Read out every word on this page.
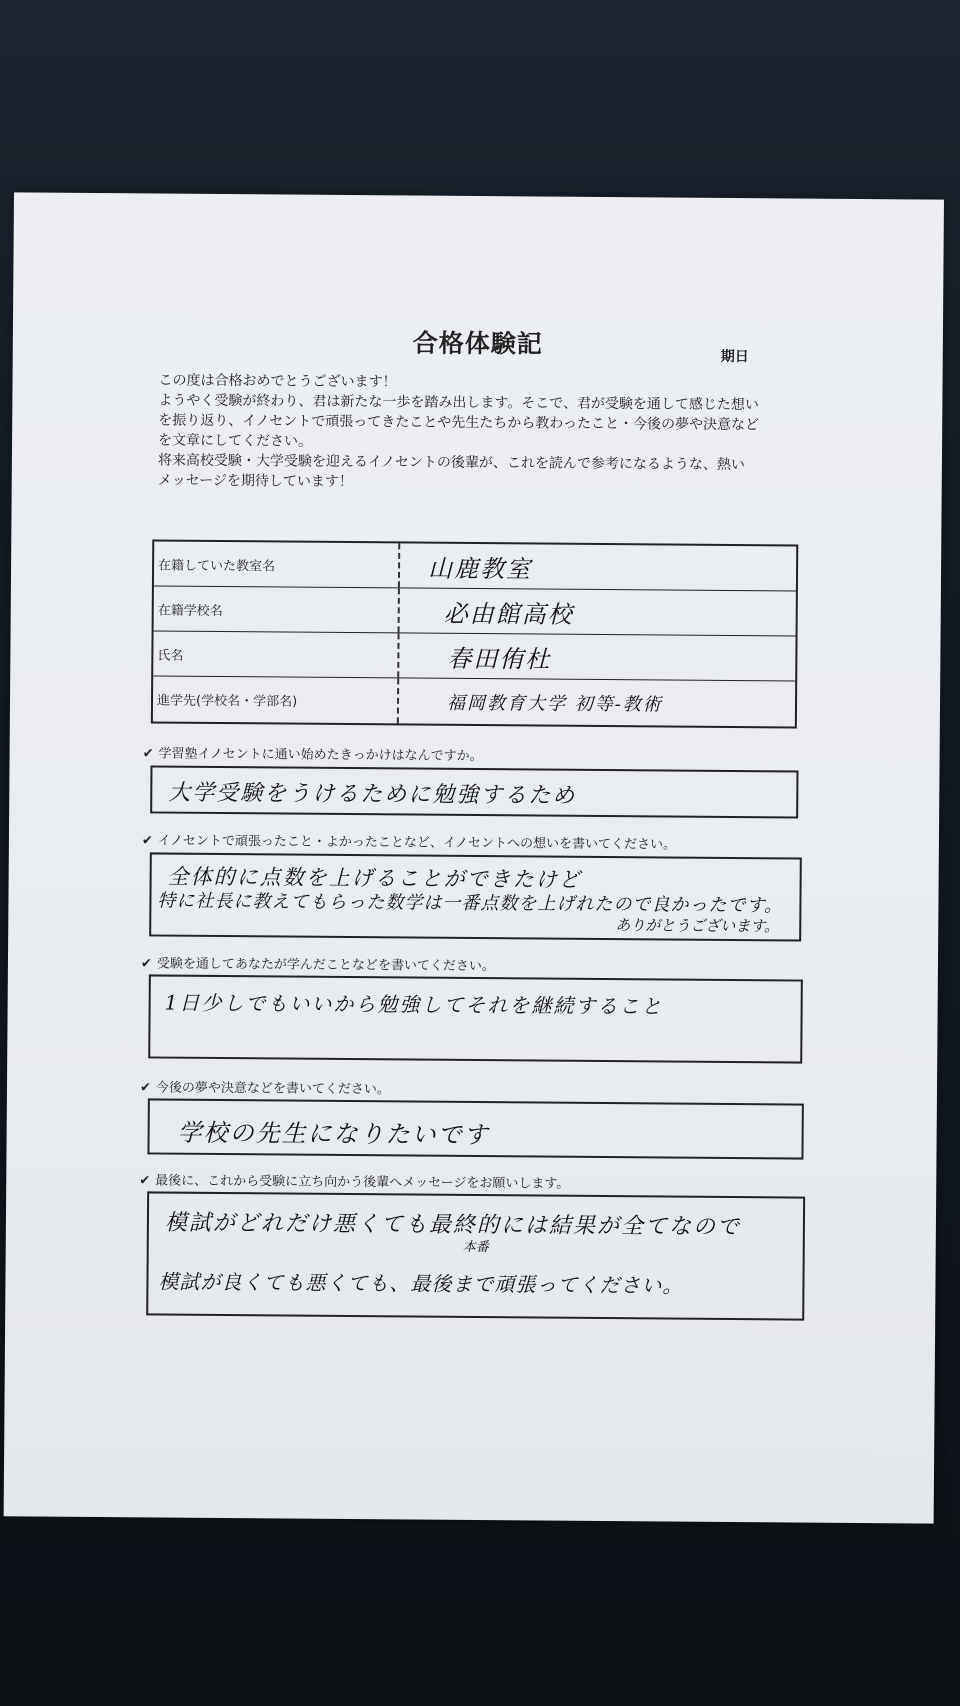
合格体験記	期日
この度は合格おめでとうございます！
ようやく受験が終わり、君は新たな一歩を踏み出します。そこで、君が受験を通して感じた想い
を振り返り、イノセントで頑張ってきたことや先生たちから教わったこと・今後の夢や決意など
を文章にしてください。
将来高校受験・大学受験を迎えるイノセントの後輩が、これを読んで参考になるような、熱い
メッセージを期待しています！
在籍していた教室名	山鹿教室
在籍学校名	必由館高校
氏名	春田侑杜
進学先(学校名・学部名)	福岡教育大学 初等-教術
✔ 学習塾イノセントに通い始めたきっかけはなんですか。
大学受験をうけるために勉強するため
✔ イノセントで頑張ったこと・よかったことなど、イノセントへの想いを書いてください。
全体的に点数を上げることができたけど
特に社長に教えてもらった数学は一番点数を上げれたので良かったです。
ありがとうございます。
✔ 受験を通してあなたが学んだことなどを書いてください。
1日少しでもいいから勉強してそれを継続すること
✔ 今後の夢や決意などを書いてください。
学校の先生になりたいです
✔ 最後に、これから受験に立ち向かう後輩へメッセージをお願いします。
模試がどれだけ悪くても最終的には結果が全てなので
本番
模試が良くても悪くても、最後まで頑張ってください。
